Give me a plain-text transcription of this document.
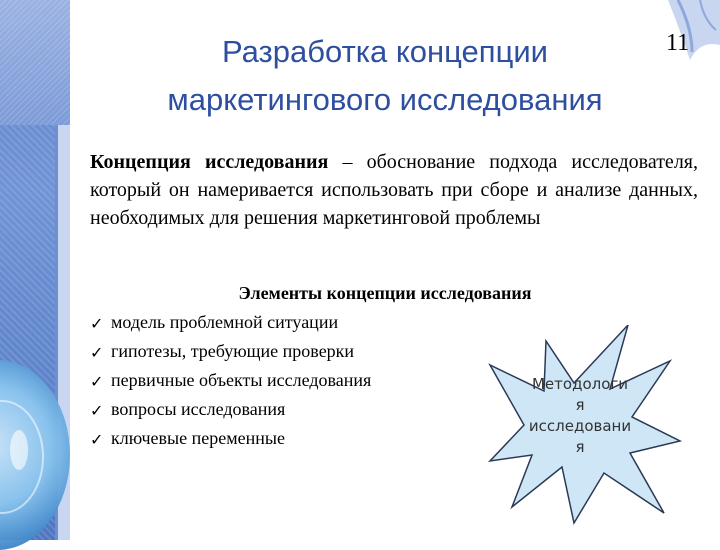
Разработка концепции
маркетингового исследования
11
Концепция исследования – обоснование подхода исследователя, который он намеривается использовать при сборе и анализе данных, необходимых для решения маркетинговой проблемы
Элементы концепции исследования
✓ модель проблемной ситуации
✓ гипотезы, требующие проверки
✓ первичные объекты исследования
✓ вопросы исследования
✓ ключевые переменные
Методологи
я
исследовани
я
